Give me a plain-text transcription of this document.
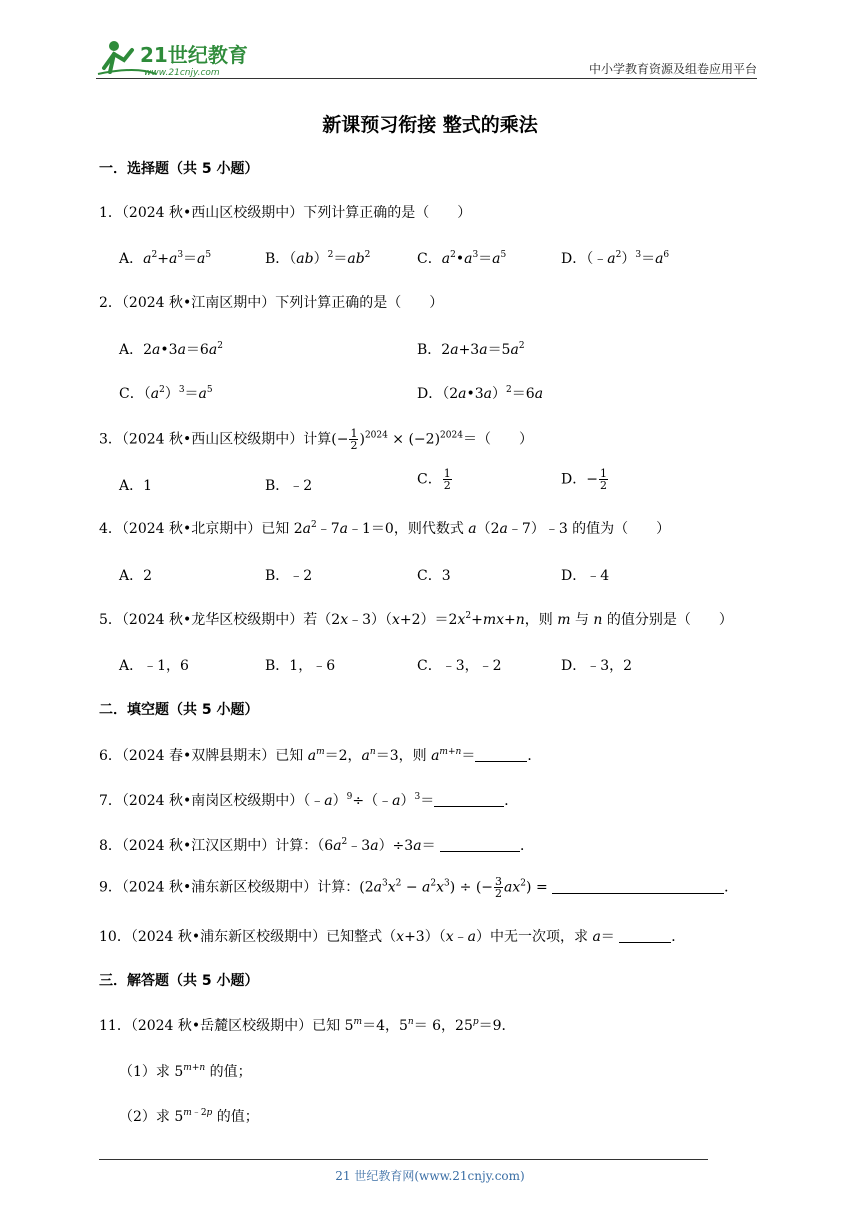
21世纪教育
www.21cnjy.com	中小学教育资源及组卷应用平台
新课预习衔接 整式的乘法
一．选择题（共 5 小题）
1．（2024 秋•西山区校级期中）下列计算正确的是（　　）
A．$a^2+a^3=a^5$	B．$(ab)^2=ab^2$	C．$a^2•a^3=a^5$	D．$(﹣a^2)^3=a^6$
2．（2024 秋•江南区期中）下列计算正确的是（　　）
A．$2a•3a=6a^2$	B．$2a+3a=5a^2$
C．$(a^2)^3=a^5$	D．（2a•3a）$^2$＝6a
3．（2024 秋•西山区校级期中）计算(− $\frac{1}{2} )^{2024} \times (-2)^{2024}=$（　　）
A．1	B．﹣2	C． $\frac{1}{2}$	D．− $\frac{1}{2}$
4．（2024 秋•北京期中）已知 $2a^2﹣7a﹣1=0$，则代数式 a（2a﹣7）﹣3 的值为（　　）
A．2	B．﹣2	C．3	D．﹣4
5．（2024 秋•龙华区校级期中）若$(2x﹣3)(x+2)=2x^2+mx+n$，则 m 与 n 的值分别是（　　）
A．﹣1，6	B．1，﹣6	C．﹣3，﹣2	D．﹣3，2
二．填空题（共 5 小题）
6．（2024 春•双牌县期末）已知 $a^m=2$，$a^n=3$，则 $a^{m+n}=$	．
7．（2024 秋•南岗区校级期中）（﹣a）$^9$÷（﹣a）$^3$＝	．
8．（2024 秋•江汉区期中）计算：$(6a^2﹣3a)\div 3a=$	．
9．（2024 秋•浦东新区校级期中）计算：$(2a^3x^2 - a^2x^3)$ ÷ (− $\frac{3}{2} ax^2$) =	．
10．（2024 秋•浦东新区校级期中）已知整式（x+3）（x﹣a）中无一次项，求 a＝	．
三．解答题（共 5 小题）
11．（2024 秋•岳麓区校级期中）已知 $5^m=4$，$5^n= 6$，$25^p=9$．
（1）求 $5^{m+n}$ 的值；
（2）求 $5^{m﹣2p}$ 的值；
21 世纪教育网(www.21cnjy.com)
